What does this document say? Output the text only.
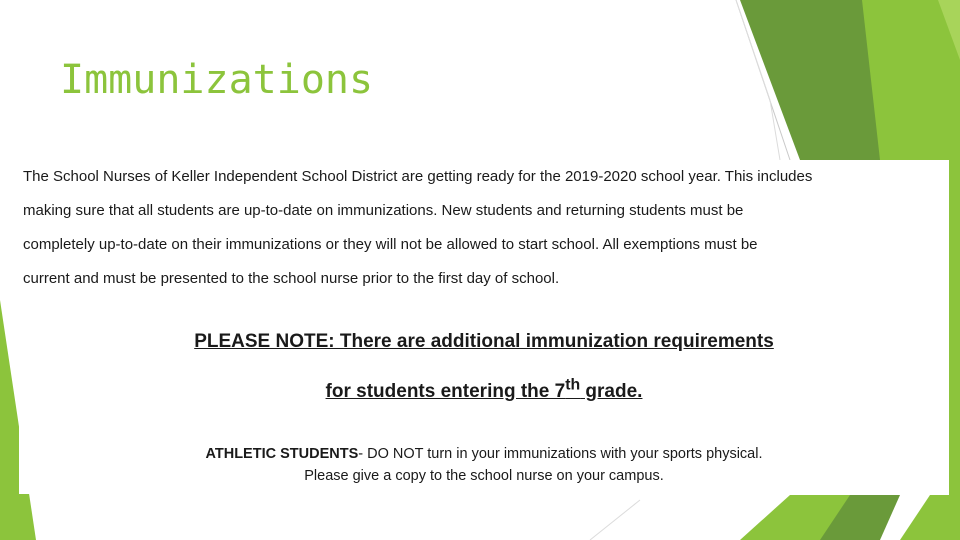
Immunizations

The School Nurses of Keller Independent School District are getting ready for the 2019-2020 school year. This includes
making sure that all students are up-to-date on immunizations. New students and returning students must be
completely up-to-date on their immunizations or they will not be allowed to start school. All exemptions must be
current and must be presented to the school nurse prior to the first day of school.

PLEASE NOTE: There are additional immunization requirements
for students entering the 7th grade.

ATHLETIC STUDENTS- DO NOT turn in your immunizations with your sports physical.
Please give a copy to the school nurse on your campus.
